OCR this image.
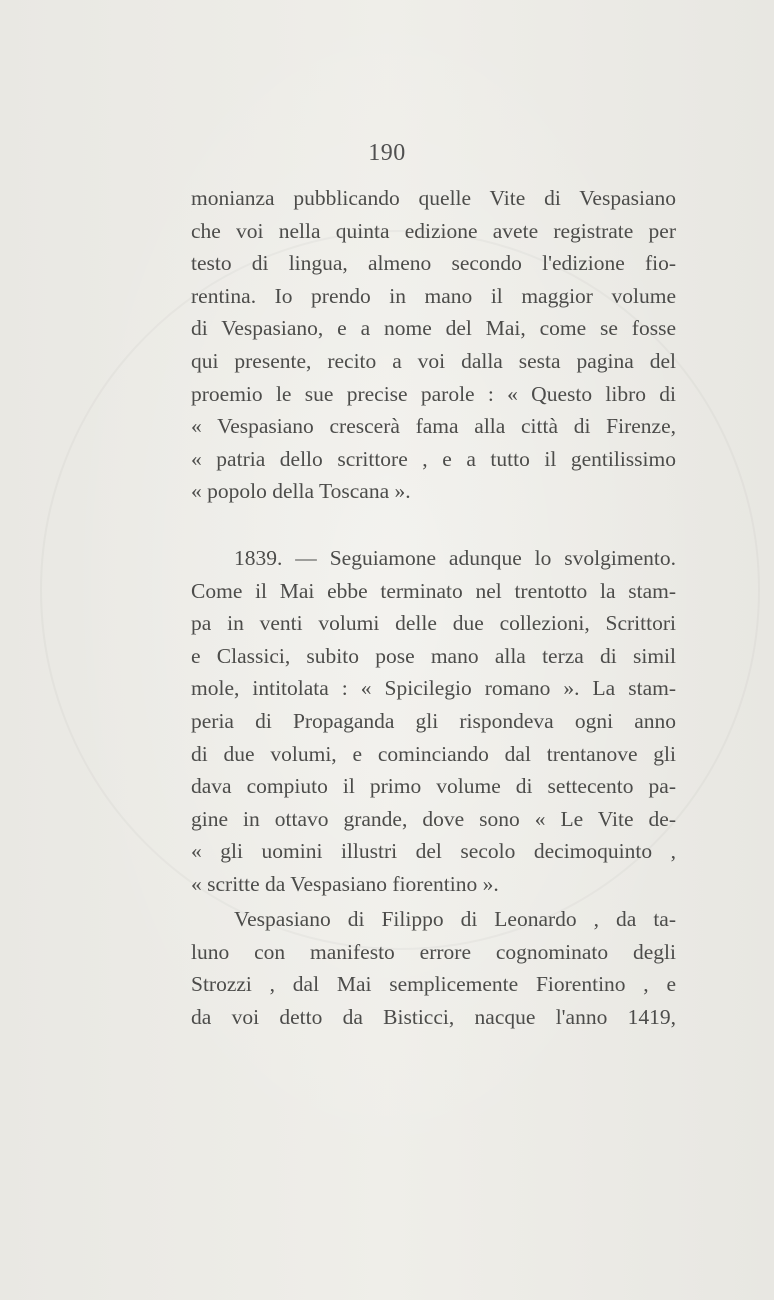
190
monianza pubblicando quelle Vite di Vespasiano
che voi nella quinta edizione avete registrate per
testo di lingua, almeno secondo l'edizione fio-
rentina. Io prendo in mano il maggior volume
di Vespasiano, e a nome del Mai, come se fosse
qui presente, recito a voi dalla sesta pagina del
proemio le sue precise parole : « Questo libro di
« Vespasiano crescerà fama alla città di Firenze,
« patria dello scrittore , e a tutto il gentilissimo
« popolo della Toscana ».
1839. — Seguiamone adunque lo svolgimento.
Come il Mai ebbe terminato nel trentotto la stam-
pa in venti volumi delle due collezioni, Scrittori
e Classici, subito pose mano alla terza di simil
mole, intitolata : « Spicilegio romano ». La stam-
peria di Propaganda gli rispondeva ogni anno
di due volumi, e cominciando dal trentanove gli
dava compiuto il primo volume di settecento pa-
gine in ottavo grande, dove sono « Le Vite de-
« gli uomini illustri del secolo decimoquinto ,
« scritte da Vespasiano fiorentino ».
Vespasiano di Filippo di Leonardo , da ta-
luno con manifesto errore cognominato degli
Strozzi , dal Mai semplicemente Fiorentino , e
da voi detto da Bisticci, nacque l'anno 1419,
